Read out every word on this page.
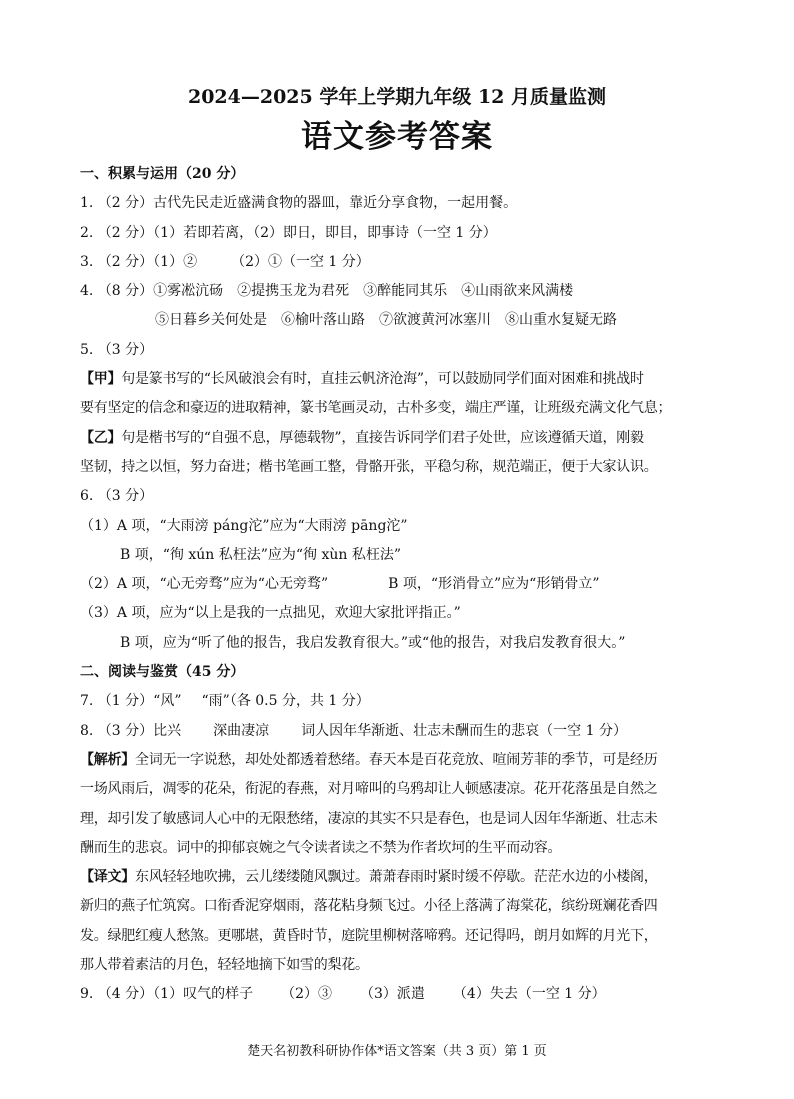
2024—2025 学年上学期九年级 12 月质量监测
语文参考答案
一、积累与运用（20 分）
1. （2 分）古代先民走近盛满食物的器皿，靠近分享食物，一起用餐。
2. （2 分）（1）若即若离，（2）即日，即目，即事诗（一空 1 分）
3. （2 分）（1）② （2）①（一空 1 分）
4. （8 分）①雾凇沆砀 ②提携玉龙为君死 ③醉能同其乐 ④山雨欲来风满楼
⑤日暮乡关何处是 ⑥榆叶落山路 ⑦欲渡黄河冰塞川 ⑧山重水复疑无路
5. （3 分）
【甲】句是篆书写的“长风破浪会有时，直挂云帆济沧海”，可以鼓励同学们面对困难和挑战时
要有坚定的信念和豪迈的进取精神，篆书笔画灵动，古朴多变，端庄严谨，让班级充满文化气息；
【乙】句是楷书写的“自强不息，厚德载物”，直接告诉同学们君子处世，应该遵循天道，刚毅
坚韧，持之以恒，努力奋进；楷书笔画工整，骨骼开张，平稳匀称，规范端正，便于大家认识。
6. （3 分）
（1）A 项，“大雨滂 páng沱”应为“大雨滂 pāng沱”
B 项，“徇 xún 私枉法”应为“徇 xùn 私枉法”
（2）A 项，“心无旁骛”应为“心无旁骛”	B 项，“形消骨立”应为“形销骨立”
（3）A 项，应为“以上是我的一点拙见，欢迎大家批评指正。”
B 项，应为“听了他的报告，我启发教育很大。”或“他的报告，对我启发教育很大。”
二、阅读与鉴赏（45 分）
7. （1 分）“风” “雨”（各 0.5 分，共 1 分）
8. （3 分）比兴 深曲凄凉 词人因年华渐逝、壮志未酬而生的悲哀（一空 1 分）
【解析】全词无一字说愁，却处处都透着愁绪。春天本是百花竞放、喧闹芳菲的季节，可是经历
一场风雨后，凋零的花朵，衔泥的春燕，对月啼叫的乌鸦却让人顿感凄凉。花开花落虽是自然之
理，却引发了敏感词人心中的无限愁绪，凄凉的其实不只是春色，也是词人因年华渐逝、壮志未
酬而生的悲哀。词中的抑郁哀婉之气令读者读之不禁为作者坎坷的生平而动容。
【译文】东风轻轻地吹拂，云儿缕缕随风飘过。萧萧春雨时紧时缓不停歇。茫茫水边的小楼阁，
新归的燕子忙筑窝。口衔香泥穿烟雨，落花粘身频飞过。小径上落满了海棠花，缤纷斑斓花香四
发。绿肥红瘦人愁煞。更哪堪，黄昏时节，庭院里柳树落啼鸦。还记得吗，朗月如辉的月光下，
那人带着素洁的月色，轻轻地摘下如雪的梨花。
9. （4 分）（1）叹气的样子 （2）③ （3）派遣 （4）失去（一空 1 分）
楚天名初教科研协作体*语文答案（共 3 页）第 1 页
